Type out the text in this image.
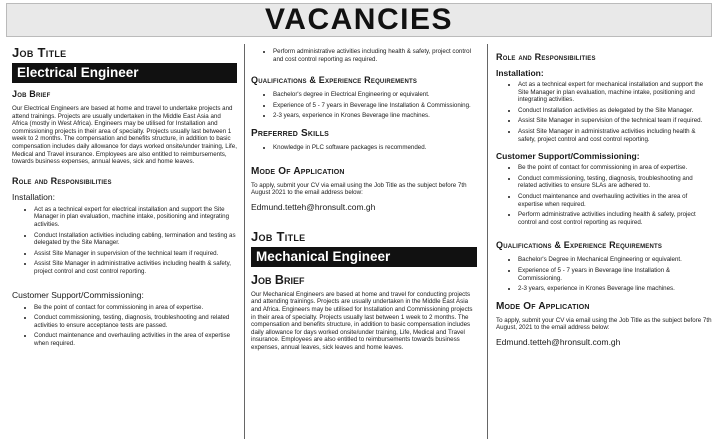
VACANCIES
Job Title
Electrical Engineer
Job Brief

Our Electrical Engineers are based at home and travel to undertake projects and attend trainings. Projects are usually undertaken in the Middle East Asia and Africa (mostly in West Africa). Engineers may be utilised for Installation and commissioning projects in their area of specialty. Projects usually last between 1 week to 2 months. The compensation and benefits structure, in addition to basic compensation includes daily allowance for days worked onsite/under training, Life, Medical and Travel insurance. Employees are also entitled to reimbursements, towards business expenses, annual leaves, sick and home leaves.

Role and Responsibilities
Installation:
• Act as a technical expert for electrical installation and support the Site Manager in plan evaluation, machine intake, positioning and integrating activities.
• Conduct Installation activities including cabling, termination and testing as delegated by the Site Manager.
• Assist Site Manager in supervision of the technical team if required.
• Assist Site Manager in administrative activities including health & safety, project control and cost control reporting.
Customer Support/Commissioning:
• Be the point of contact for commissioning in area of expertise.
• Conduct commissioning, testing, diagnosis, troubleshooting and related activities to ensure acceptance tests are passed.
• Conduct maintenance and overhauling activities in the area of expertise when required.
• Perform administrative activities including health & safety, project control and cost control reporting as required.
Qualifications & Experience Requirements
• Bachelor's degree in Electrical Engineering or equivalent.
• Experience of 5 - 7 years in Beverage line Installation & Commissioning.
• 2-3 years, experience in Krones Beverage line machines.
Preferred Skills
• Knowledge in PLC software packages is recommended.
Mode Of Application

To apply, submit your CV via email using the Job Title as the subject before 7th August 2021 to the email address below:

Edmund.tetteh@hronsult.com.gh
Job Title
Mechanical Engineer
Job Brief

Our Mechanical Engineers are based at home and travel for conducting projects and attending trainings. Projects are usually undertaken in the Middle East Asia and Africa. Engineers may be utilised for Installation and Commissioning projects in their area of specialty. Projects usually last between 1 week to 2 months. The compensation and benefits structure, in addition to basic compensation includes daily allowance for days worked onsite/under training, Life, Medical and Travel insurance. Employees are also entitled to reimbursements towards business expenses, annual leaves, sick leaves and home leaves.

Role and Responsibilities
Installation:
• Act as a technical expert for mechanical installation and support the Site Manager in plan evaluation, machine intake, positioning and integrating activities.
• Conduct Installation activities as delegated by the Site Manager.
• Assist Site Manager in supervision of the technical team if required.
• Assist Site Manager in administrative activities including health & safety, project control and cost control reporting.
Customer Support/Commissioning:
• Be the point of contact for commissioning in area of expertise.
• Conduct commissioning, testing, diagnosis, troubleshooting and related activities to ensure SLAs are adhered to.
• Conduct maintenance and overhauling activities in the area of expertise when required.
• Perform administrative activities including health & safety, project control and cost control reporting as required.
Qualifications & Experience Requirements
• Bachelor's Degree in Mechanical Engineering or equivalent.
• Experience of 5 - 7 years in Beverage line Installation & Commissioning.
• 2-3 years, experience in Krones Beverage line machines.
Mode Of Application

To apply, submit your CV via email using the Job Title as the subject before 7th August, 2021 to the email address below:

Edmund.tetteh@hronsult.com.gh
